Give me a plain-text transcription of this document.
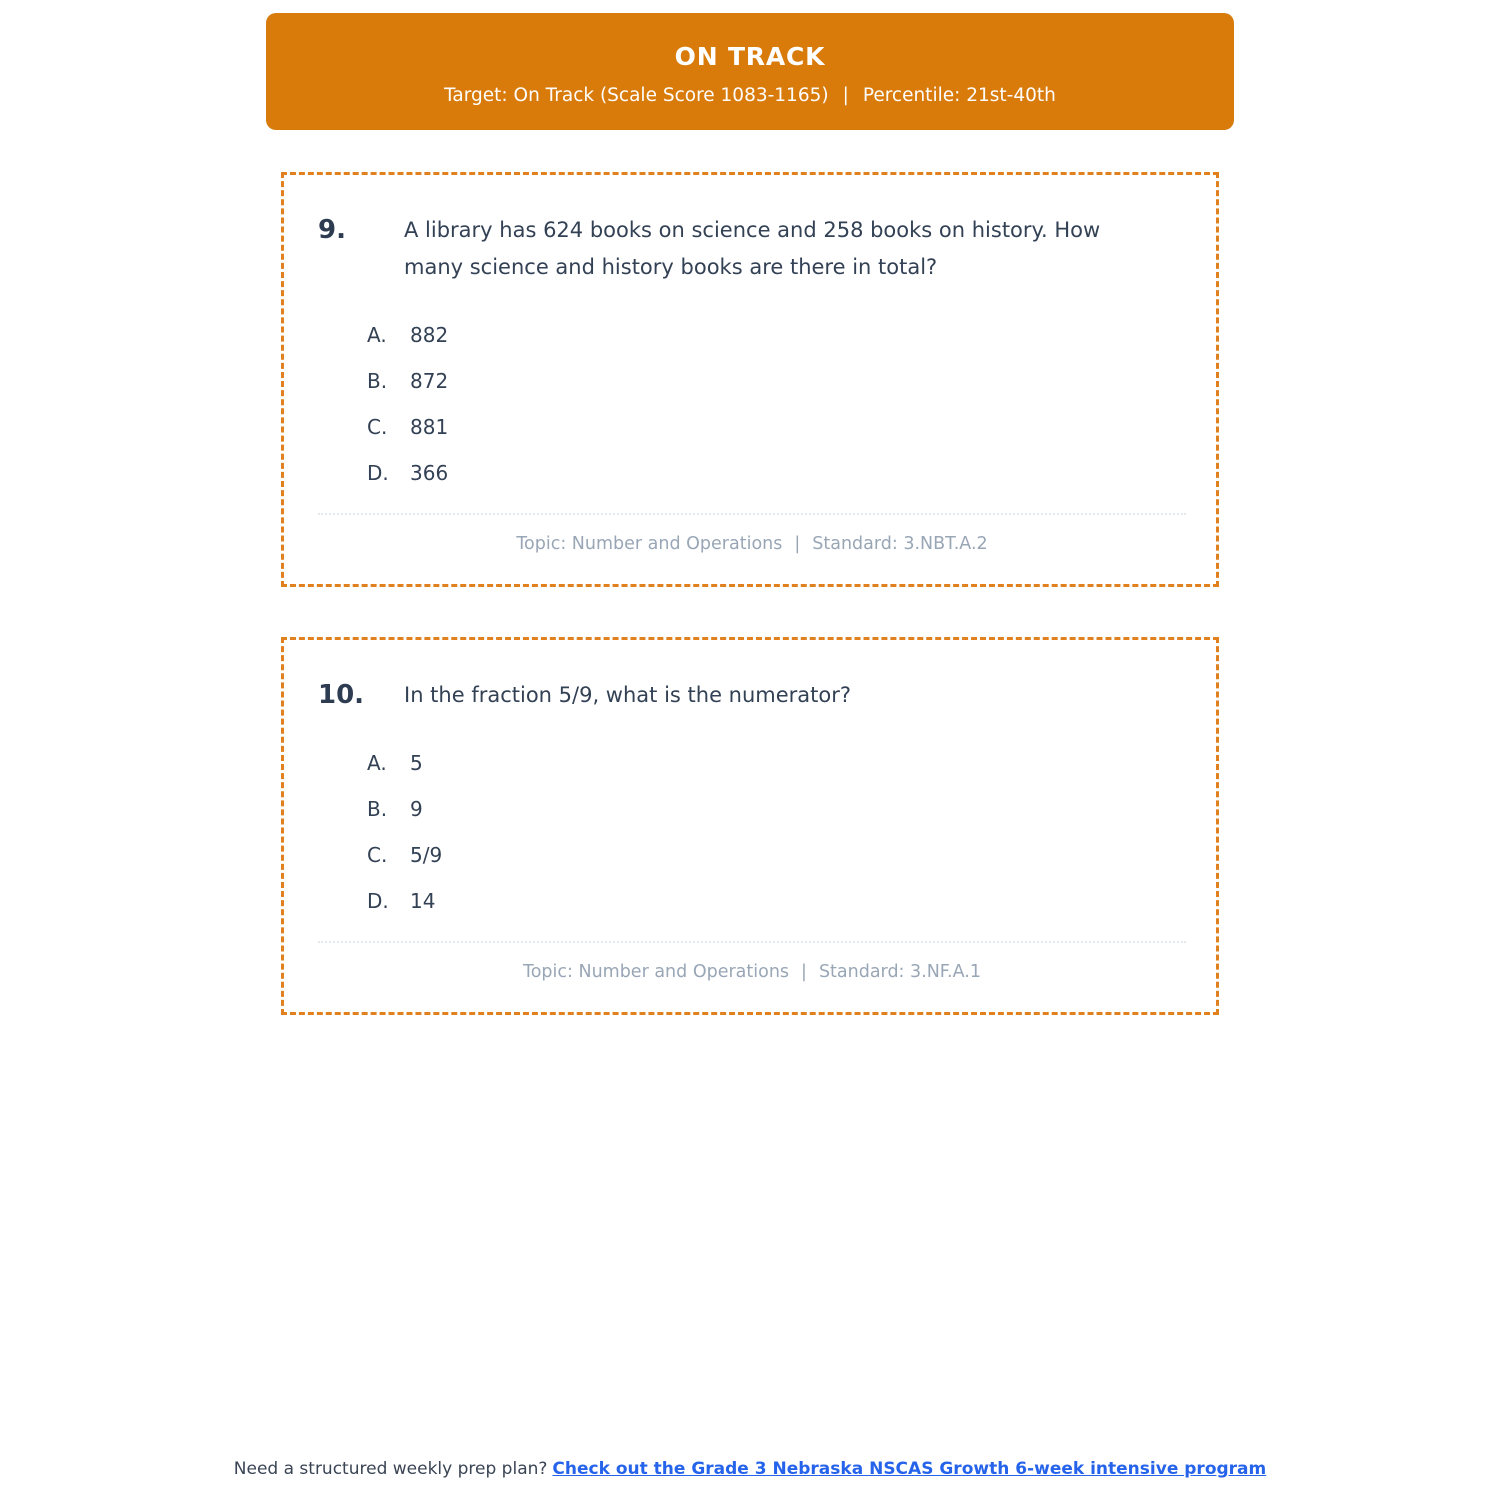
ON TRACK
Target: On Track (Scale Score 1083-1165) | Percentile: 21st-40th
9.	A library has 624 books on science and 258 books on history. How many science and history books are there in total?

A. 882
B. 872
C. 881
D. 366
Topic: Number and Operations | Standard: 3.NBT.A.2
10.	In the fraction 5/9, what is the numerator?

A. 5
B. 9
C. 5/9
D. 14
Topic: Number and Operations | Standard: 3.NF.A.1
Need a structured weekly prep plan? Check out the Grade 3 Nebraska NSCAS Growth 6-week intensive program
